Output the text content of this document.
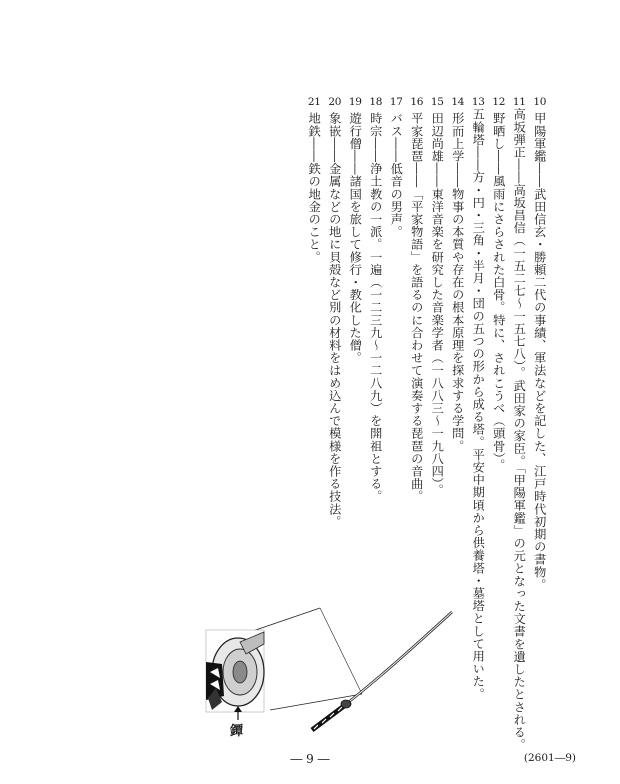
10
甲陽軍鑑――武田信玄・勝頼二代の事績、軍法などを記した、江戸時代初期の書物。
11
高坂弾正――高坂昌信（一五二七〜一五七八）。武田家の家臣。「甲陽軍鑑」の元となった文書を遺したとされる。
12
野晒し――風雨にさらされた白骨。特に、されこうべ（頭骨）。
13
五輪塔――方・円・三角・半月・団の五つの形から成る塔。平安中期頃から供養塔・墓塔として用いた。
14
形而上学――物事の本質や存在の根本原理を探求する学問。
15
田辺尚雄――東洋音楽を研究した音楽学者（一八八三〜一九八四）。
16
平家琵琶――「平家物語」を語るのに合わせて演奏する琵琶の音曲。
17
バス――低音の男声。
18
時宗――浄土教の一派。一遍（一二三九〜一二八九）を開祖とする。
19
遊行僧――諸国を旅して修行・教化した僧。
20
象嵌――金属などの地に貝殻など別の材料をはめ込んで模様を作る技法。
21
地鉄――鉄の地金のこと。
鐔
― 9 ―	(2601―9)
